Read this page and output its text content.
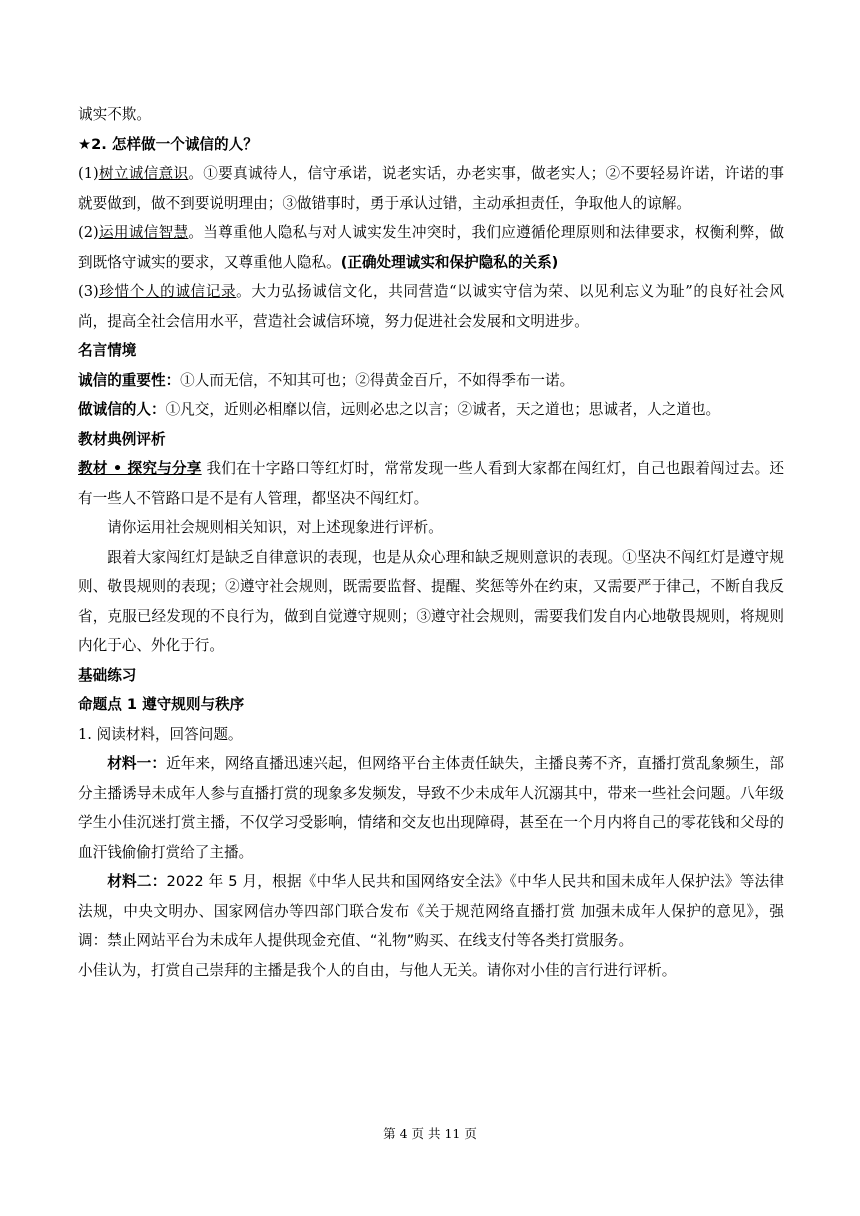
诚实不欺。

★2. 怎样做一个诚信的人？

(1)树立诚信意识。①要真诚待人，信守承诺，说老实话，办老实事，做老实人；②不要轻易许诺，许诺的事就要做到，做不到要说明理由；③做错事时，勇于承认过错，主动承担责任，争取他人的谅解。

(2)运用诚信智慧。当尊重他人隐私与对人诚实发生冲突时，我们应遵循伦理原则和法律要求，权衡利弊，做到既恪守诚实的要求，又尊重他人隐私。(正确处理诚实和保护隐私的关系)

(3)珍惜个人的诚信记录。大力弘扬诚信文化，共同营造“以诚实守信为荣、以见利忘义为耻”的良好社会风尚，提高全社会信用水平，营造社会诚信环境，努力促进社会发展和文明进步。

名言情境

诚信的重要性：①人而无信，不知其可也；②得黄金百斤，不如得季布一诺。

做诚信的人：①凡交，近则必相靡以信，远则必忠之以言；②诚者，天之道也；思诚者，人之道也。

教材典例评析

教材 • 探究与分享 我们在十字路口等红灯时，常常发现一些人看到大家都在闯红灯，自己也跟着闯过去。还有一些人不管路口是不是有人管理，都坚决不闯红灯。

请你运用社会规则相关知识，对上述现象进行评析。

跟着大家闯红灯是缺乏自律意识的表现，也是从众心理和缺乏规则意识的表现。①坚决不闯红灯是遵守规则、敬畏规则的表现；②遵守社会规则，既需要监督、提醒、奖惩等外在约束，又需要严于律己，不断自我反省，克服已经发现的不良行为，做到自觉遵守规则；③遵守社会规则，需要我们发自内心地敬畏规则，将规则内化于心、外化于行。

基础练习

命题点 1 遵守规则与秩序

1. 阅读材料，回答问题。

材料一：近年来，网络直播迅速兴起，但网络平台主体责任缺失，主播良莠不齐，直播打赏乱象频生，部分主播诱导未成年人参与直播打赏的现象多发频发，导致不少未成年人沉溺其中，带来一些社会问题。八年级学生小佳沉迷打赏主播，不仅学习受影响，情绪和交友也出现障碍，甚至在一个月内将自己的零花钱和父母的血汗钱偷偷打赏给了主播。

材料二：2022 年 5 月，根据《中华人民共和国网络安全法》《中华人民共和国未成年人保护法》等法律法规，中央文明办、国家网信办等四部门联合发布《关于规范网络直播打赏 加强未成年人保护的意见》，强调：禁止网站平台为未成年人提供现金充值、“礼物”购买、在线支付等各类打赏服务。

小佳认为，打赏自己崇拜的主播是我个人的自由，与他人无关。请你对小佳的言行进行评析。

第 4 页 共 11 页
